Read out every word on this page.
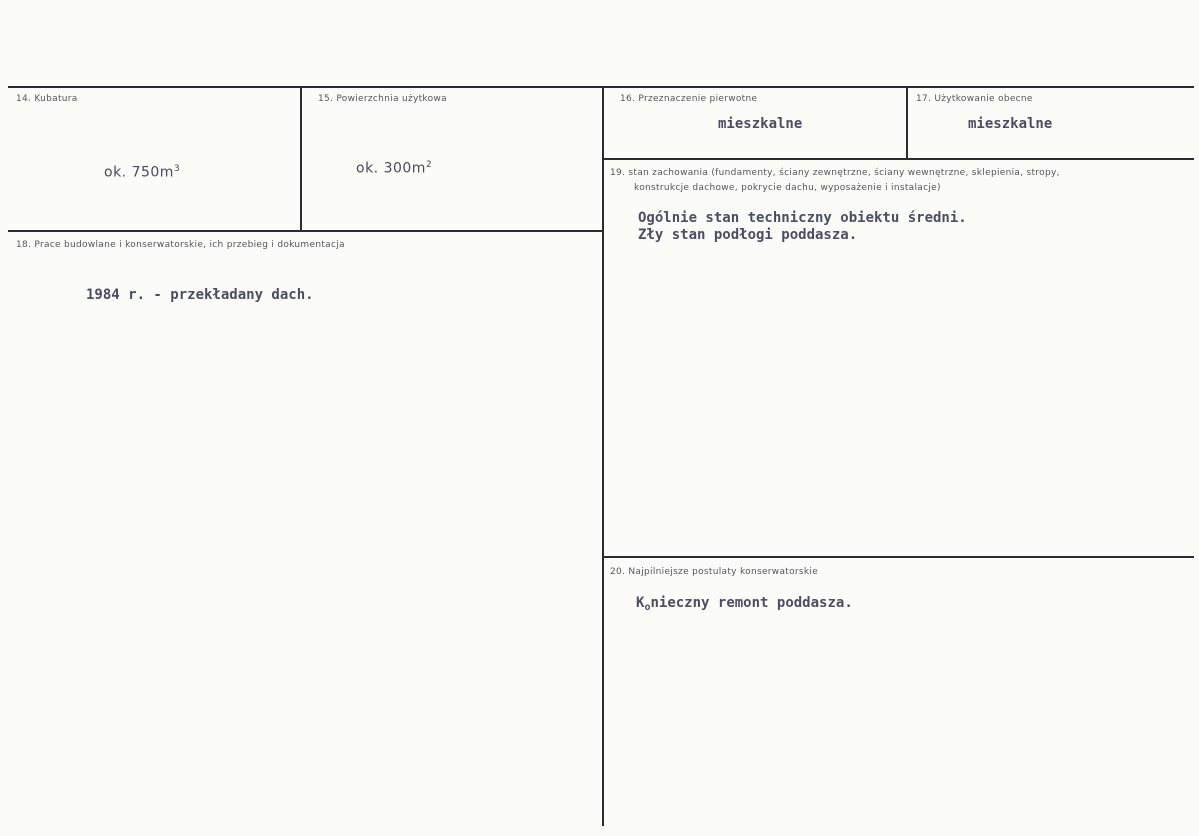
14. Kubatura
ok. $750m^3$
15. Powierzchnia użytkowa
ok. $300m^2$
16. Przeznaczenie pierwotne
mieszkalne
17. Użytkowanie obecne
mieszkalne
18. Prace budowlane i konserwatorskie, ich przebieg i dokumentacja
1984 r. - przekładany dach.
19. stan zachowania (fundamenty, ściany zewnętrzne, ściany wewnętrzne, sklepienia, stropy,
konstrukcje dachowe, pokrycie dachu, wyposażenie i instalacje)
Ogólnie stan techniczny obiektu średni.
Zły stan podłogi poddasza.
20. Najpilniejsze postulaty konserwatorskie
$K_onieczny$ remont poddasza.
